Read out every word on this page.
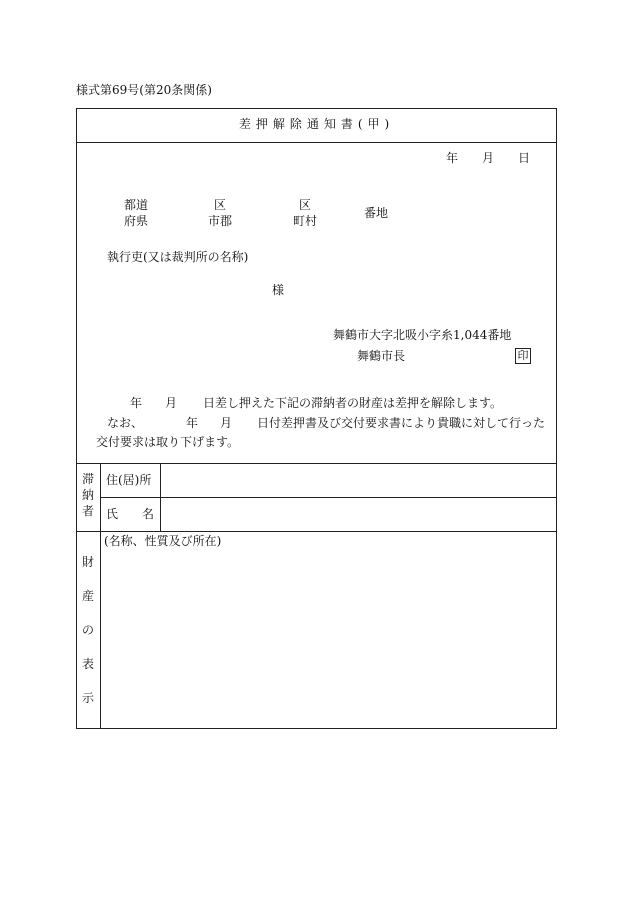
様式第69号(第20条関係)
差押解除通知書(甲)
年 月 日
都道
府県
区
市郡
区
町村
番地
執行吏(又は裁判所の名称)
様
舞鶴市大字北吸小字糸1,044番地
舞鶴市長	印
年 月 日差し押えた下記の滞納者の財産は差押を解除します。
なお、	年 月 日付差押書及び交付要求書により貴職に対して行った
交付要求は取り下げます。
滞
納
者
住(居)所
氏　　名
財
産
の
表
示
(名称、性質及び所在)
